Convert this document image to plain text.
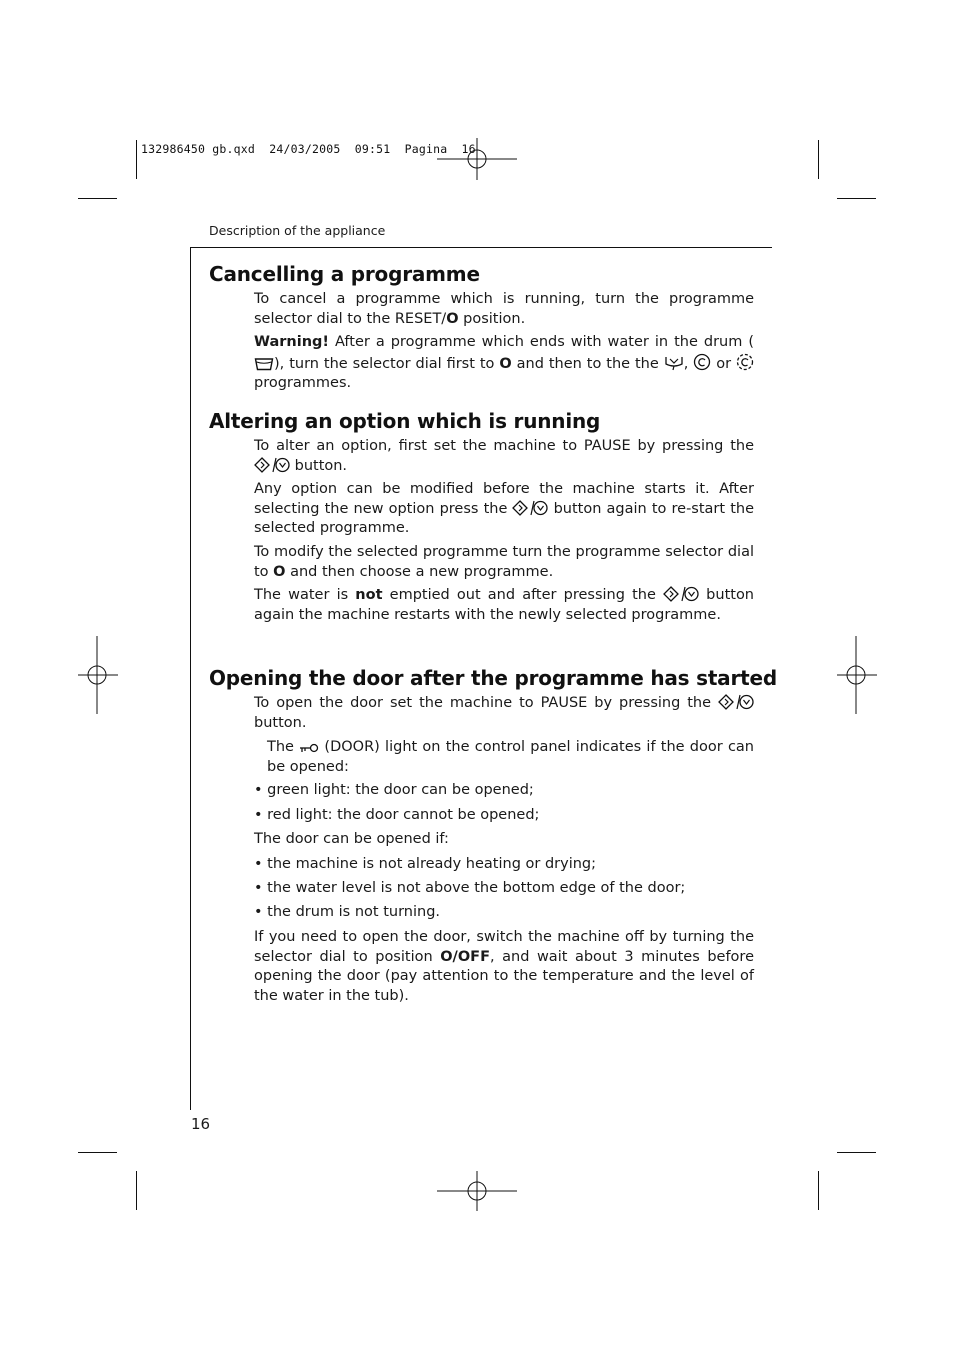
132986450 gb.qxd  24/03/2005  09:51  Pagina  16
Description of the appliance
16
Cancelling a programme

To cancel a programme which is running, turn the programme selector dial to the RESET/O position.

Warning! After a programme which ends with water in the drum (), turn the selector dial first to O and then to the the ,  or  programmes.

Altering an option which is running

To alter an option, first set the machine to PAUSE by pressing the  button.

Any option can be modified before the machine starts it. After selecting the new option press the  button again to re-start the selected programme.

To modify the selected programme turn the programme selector dial to O and then choose a new programme.

The water is not emptied out and after pressing the  button again the machine restarts with the newly selected programme.

Opening the door after the programme has started

To open the door set the machine to PAUSE by pressing the  button.

The  (DOOR) light on the control panel indicates if the door can be opened:

• green light: the door can be opened;

• red light: the door cannot be opened;

The door can be opened if:

• the machine is not already heating or drying;

• the water level is not above the bottom edge of the door;

• the drum is not turning.

If you need to open the door, switch the machine off by turning the selector dial to position O/OFF, and wait about 3 minutes before opening the door (pay attention to the temperature and the level of the water in the tub).
